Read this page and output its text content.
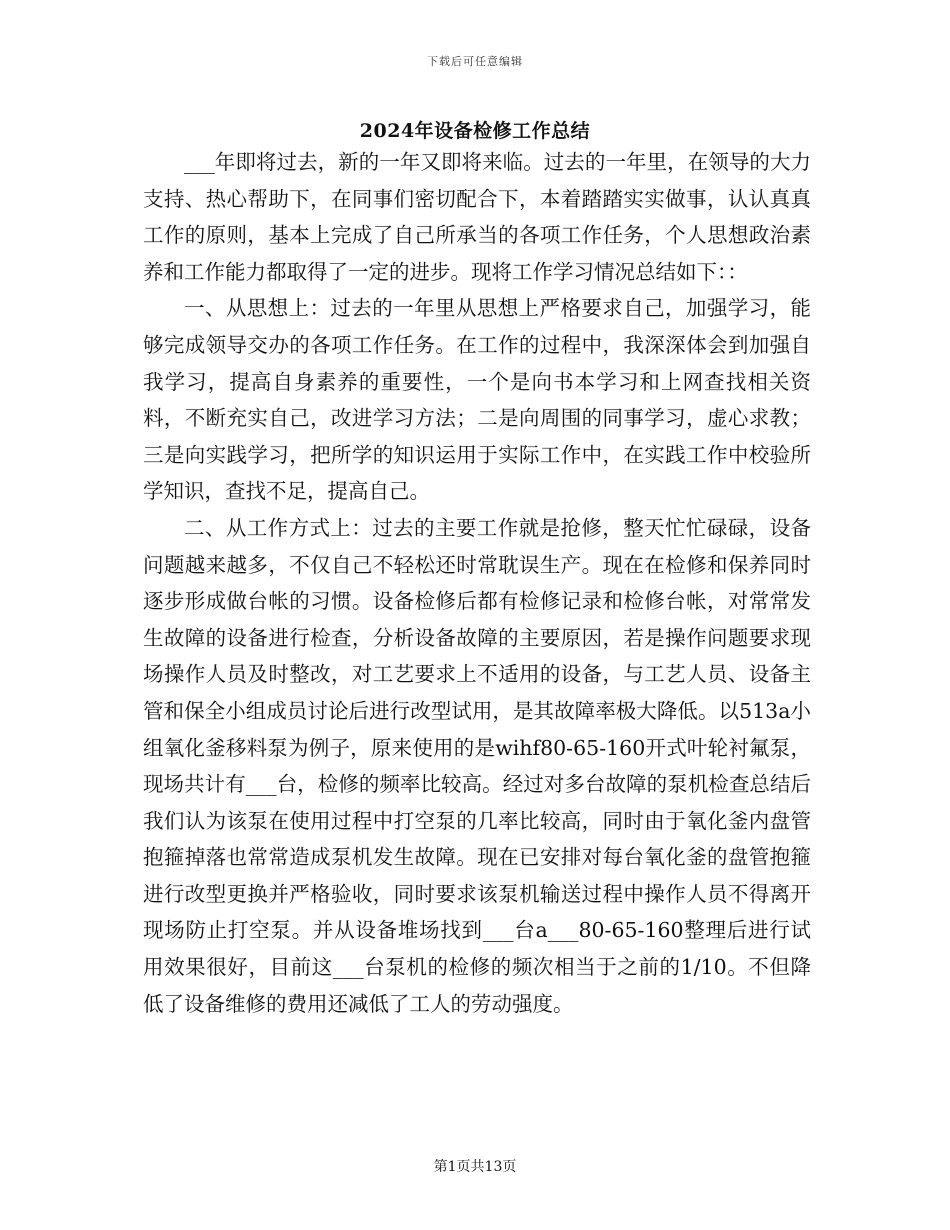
下载后可任意编辑
2024年设备检修工作总结

___年即将过去，新的一年又即将来临。过去的一年里，在领导的大力支持、热心帮助下，在同事们密切配合下，本着踏踏实实做事，认认真真工作的原则，基本上完成了自己所承当的各项工作任务，个人思想政治素养和工作能力都取得了一定的进步。现将工作学习情况总结如下：：

一、从思想上：过去的一年里从思想上严格要求自己，加强学习，能够完成领导交办的各项工作任务。在工作的过程中，我深深体会到加强自我学习，提高自身素养的重要性，一个是向书本学习和上网查找相关资料，不断充实自己，改进学习方法；二是向周围的同事学习，虚心求教；三是向实践学习，把所学的知识运用于实际工作中，在实践工作中校验所学知识，查找不足，提高自己。

二、从工作方式上：过去的主要工作就是抢修，整天忙忙碌碌，设备问题越来越多，不仅自己不轻松还时常耽误生产。现在在检修和保养同时逐步形成做台帐的习惯。设备检修后都有检修记录和检修台帐，对常常发生故障的设备进行检查，分析设备故障的主要原因，若是操作问题要求现场操作人员及时整改，对工艺要求上不适用的设备，与工艺人员、设备主管和保全小组成员讨论后进行改型试用，是其故障率极大降低。以513a小组氧化釜移料泵为例子，原来使用的是wihf80-65-160开式叶轮衬氟泵，现场共计有___台，检修的频率比较高。经过对多台故障的泵机检查总结后我们认为该泵在使用过程中打空泵的几率比较高，同时由于氧化釜内盘管抱箍掉落也常常造成泵机发生故障。现在已安排对每台氧化釜的盘管抱箍进行改型更换并严格验收，同时要求该泵机输送过程中操作人员不得离开现场防止打空泵。并从设备堆场找到___台a___80-65-160整理后进行试用效果很好，目前这___台泵机的检修的频次相当于之前的1/10。不但降低了设备维修的费用还减低了工人的劳动强度。

第1页共13页
